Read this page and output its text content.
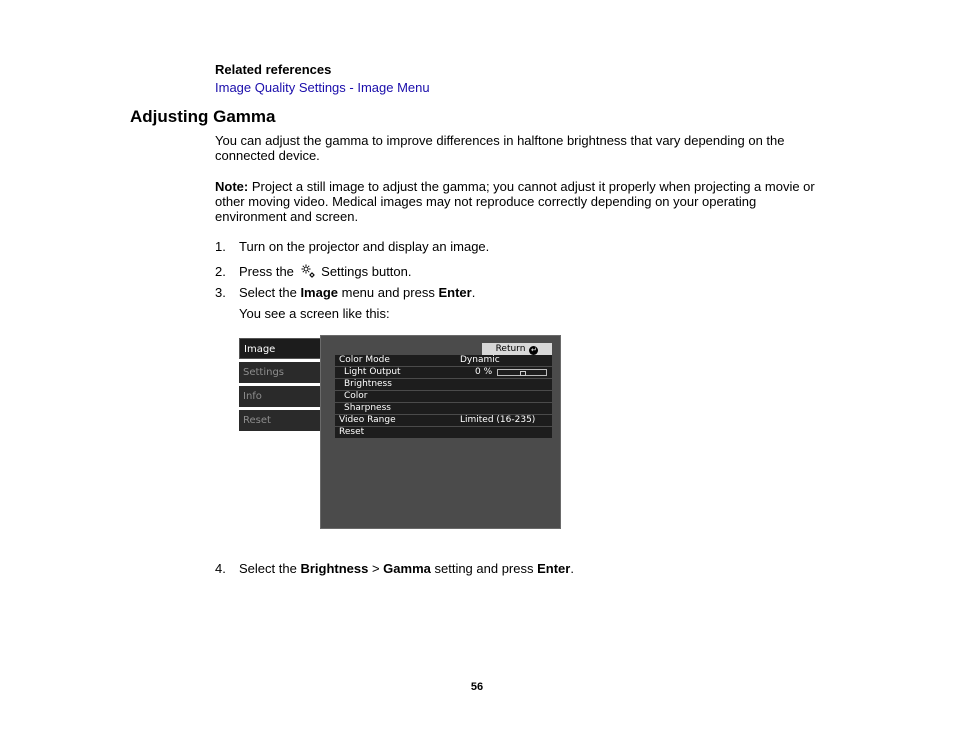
Related references
Image Quality Settings - Image Menu
Adjusting Gamma
You can adjust the gamma to improve differences in halftone brightness that vary depending on the
connected device.
Note: Project a still image to adjust the gamma; you cannot adjust it properly when projecting a movie or
other moving video. Medical images may not reproduce correctly depending on your operating
environment and screen.
1. Turn on the projector and display an image.
2. Press the  Settings button.
3. Select the Image menu and press Enter.
You see a screen like this:
Image
Settings
Info
Reset
Return ↵
Color Mode	Dynamic
Light Output	0 %
Brightness
Color
Sharpness
Video Range	Limited (16-235)
Reset
4. Select the Brightness > Gamma setting and press Enter.
56
